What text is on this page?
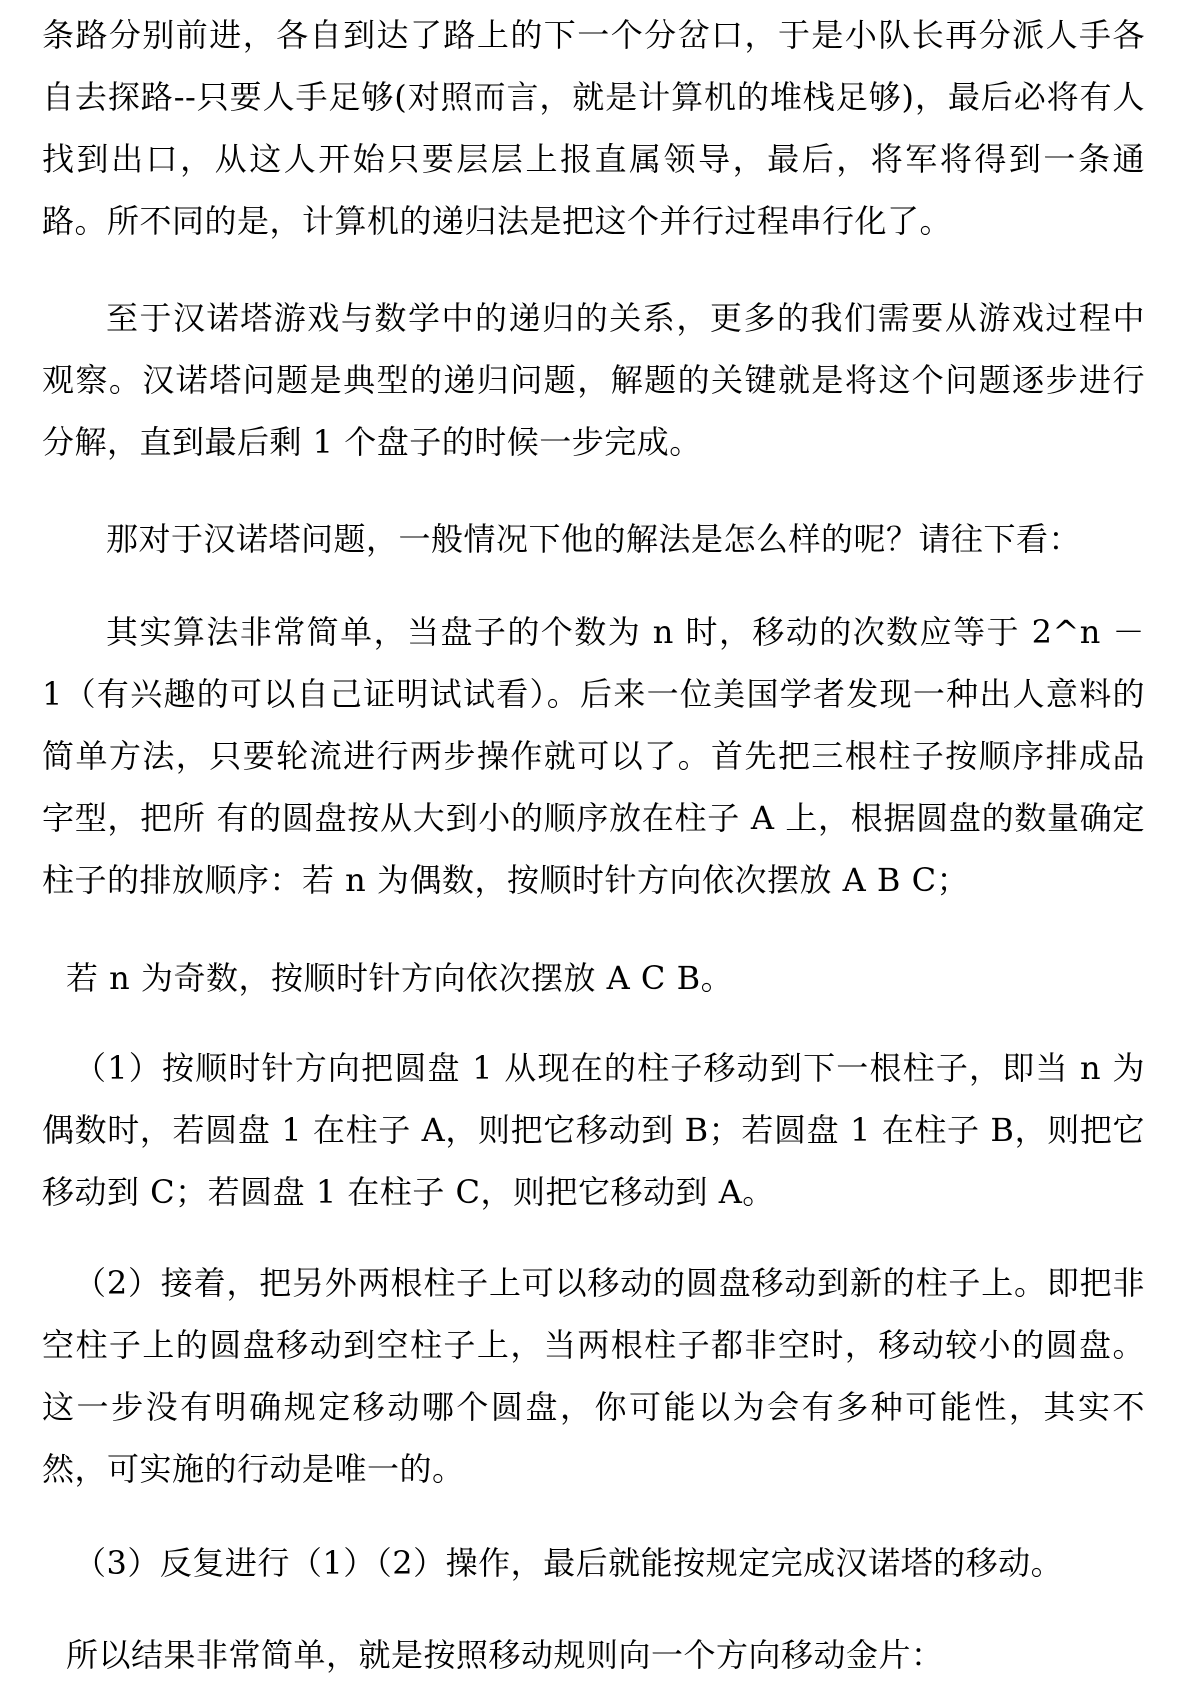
条路分别前进，各自到达了路上的下一个分岔口，于是小队长再分派人手各自去探路--只要人手足够(对照而言，就是计算机的堆栈足够)，最后必将有人找到出口，从这人开始只要层层上报直属领导，最后，将军将得到一条通路。所不同的是，计算机的递归法是把这个并行过程串行化了。

至于汉诺塔游戏与数学中的递归的关系，更多的我们需要从游戏过程中观察。汉诺塔问题是典型的递归问题，解题的关键就是将这个问题逐步进行分解，直到最后剩 1 个盘子的时候一步完成。

那对于汉诺塔问题，一般情况下他的解法是怎么样的呢？请往下看：

其实算法非常简单，当盘子的个数为 n 时，移动的次数应等于 2^n － 1（有兴趣的可以自己证明试试看）。后来一位美国学者发现一种出人意料的简单方法，只要轮流进行两步操作就可以了。首先把三根柱子按顺序排成品字型，把所 有的圆盘按从大到小的顺序放在柱子 A 上，根据圆盘的数量确定柱子的排放顺序：若 n 为偶数，按顺时针方向依次摆放 A B C；

若 n 为奇数，按顺时针方向依次摆放 A C B。

（1）按顺时针方向把圆盘 1 从现在的柱子移动到下一根柱子，即当 n 为偶数时，若圆盘 1 在柱子 A，则把它移动到 B；若圆盘 1 在柱子 B，则把它移动到 C；若圆盘 1 在柱子 C，则把它移动到 A。

（2）接着，把另外两根柱子上可以移动的圆盘移动到新的柱子上。即把非空柱子上的圆盘移动到空柱子上，当两根柱子都非空时，移动较小的圆盘。这一步没有明确规定移动哪个圆盘，你可能以为会有多种可能性，其实不然，可实施的行动是唯一的。

（3）反复进行（1）（2）操作，最后就能按规定完成汉诺塔的移动。

所以结果非常简单，就是按照移动规则向一个方向移动金片：
